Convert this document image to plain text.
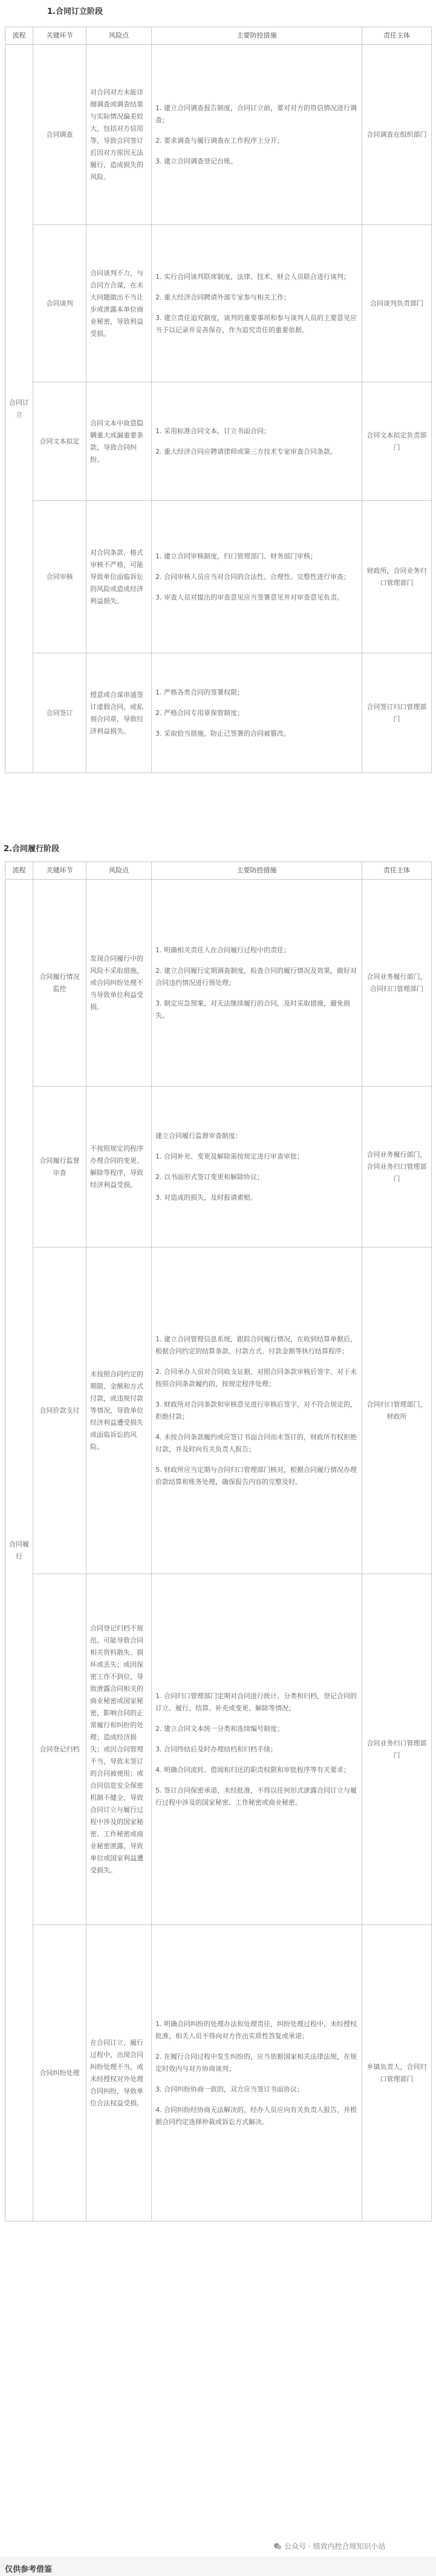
1.合同订立阶段
流程	关键环节	风险点	主要防控措施	责任主体
合同订立	合同调查	对合同对方未能详细调查或调查结果与实际情况偏差较大，包括对方信用等，导致合同签订后因对方原因无法履行，造成损失的风险。	1. 建立合同调查报告制度，合同订立前，要对对方的资信情况进行调查；
2. 要求调查与履行调查在工作程序上分开；
3. 建立合同调查登记台账。	合同调查在组织部门
	合同谈判	合同谈判不力，与合同方合谋，在未大问题做出不当让步或泄露本单位商业秘密，导致利益受损。	1. 实行合同谈判联席制度，法律、技术、财会人员联合进行谈判；
2. 重大经济合同聘请外部专家参与相关工作；
3. 建立责任追究制度，谈判的重要事项和参与谈判人员的主要意见应当予以记录并妥善保存，作为追究责任的重要依据。	合同谈判负责部门
	合同文本拟定	合同文本中故意隐瞒重大或漏重要条款，导致合同纠纷。	1. 采用标准合同文本，订立书面合同；
2. 重大经济合同应聘请律师或第三方技术专家审查合同条款。	合同文本拟定负责部门
	合同审核	对合同条款、格式审核不严格，可能导致单位面临诉讼的风险或造成经济利益损失。	1. 建立合同审核制度，归口管理部门、财务部门审核；
2. 合同审核人员应当对合同的合法性、合理性、完整性进行审查；
3. 审查人员对提出的审查意见应当签署意见并对审查意见负责。	财政所，合同业务归口管理部门
	合同签订	授意或合谋串通签订虚假合同，或私刻合同章，导致经济利益损失。	1. 严格各类合同的签署权限；
2. 严格合同专用章保管制度；
3. 采取恰当措施，防止已签署的合同被篡改。	合同签订归口管理部门
2.合同履行阶段
流程	关键环节	风险点	主要防控措施	责任主体
合同履行	合同履行情况监控	发现合同履行中的风险不采取措施，或合同纠纷处理不当导致单位利益受损。	1. 明确相关责任人在合同履行过程中的责任；
2. 建立合同履行定期调查制度，检查合同的履行情况及效果，做好对合同违约情况进行预处理；
3. 制定应急预案，对无法继续履行的合同，及时采取措施，避免损失。	合同业务履行部门，合同归口管理部门
	合同履行监督审查	不按照规定的程序办理合同的变更、解除等程序，导致经济利益受损。	建立合同履行监督审查制度：
1. 合同补充、变更及解除需按规定进行审查审批；
2. 以书面形式签订变更和解除协议；
3. 对造成的损失，及时报请索赔。	合同业务履行部门，合同业务归口管理部门
	合同价款支付	未按照合同约定的期限、金额和方式付款，或违规付款等情况，导致单位经济利益遭受损失或面临诉讼的风险。	1. 建立合同管理信息系统，跟踪合同履行情况，在收到结算单据后，根据合同约定的结算条款、付款方式、付款金额等执行结算程序；
2. 合同承办人员对合同收支证据、对照合同条款审核后签字，对于未按照合同条款履约的，按规定程序处理；
3. 财政所对合同条款和审核意见进行审核后签字，对不符合规定的，拒绝付款；
4. 未按合同条款履约或应签订书面合同而未签订的，财政所有权拒绝付款，并及时向有关负责人报告；
5. 财政所应当定期与合同归口管理部门核对，根据合同履行情况办理价款结算和账务处理，确保报告内容的完整及时。	合同归口管理部门，财政所
	合同登记归档	合同登记归档不规范，可能导致合同相关资料散失、损坏或丢失；或因保密工作不到位，导致泄露合同相关的商业秘密或国家秘密，影响合同的正常履行和纠纷的处理；造成经济损失；或因合同管理不当，导致未签订的合同被使用；或合同信息安全保密机制不健全，导致合同订立与履行过程中涉及的国家秘密、工作秘密或商业秘密泄露，导致单位或国家利益遭受损失。	1. 合同归口管理部门定期对合同进行统计、分类和归档，登记合同的订立、履行、结算、补充或变更、解除等情况；
2. 建立合同文本统一分类和连续编号制度；
3. 合同终结后及时办理结档和归档手续；
4. 明确合同流转、借阅和归还的职责权限和审批程序等有关要求；
5. 签订合同保密承诺，未经批准，不得以任何形式泄露合同订立与履行过程中涉及的国家秘密、工作秘密或商业秘密。	合同业务归口管理部门
	合同纠纷处理	在合同订立、履行过程中，出现合同纠纷处理不当，或未经授权对外处理合同纠纷，导致单位合法权益受损。	1. 明确合同纠纷的处理办法和处理责任，纠纷处理过程中，未经授权批准，相关人员不得向对方作出实质性答复或承诺；
2. 在履行合同过程中发生纠纷的，应当依据国家相关法律法规，在规定时效内与对方协商谈判；
3. 合同纠纷协商一致的，双方应当签订书面协议；
4. 合同纠纷经协商无法解决的，经办人员应向有关负责人报告，并根据合同约定选择仲裁或诉讼方式解决。	乡镇负责人，合同归口管理部门
公众号 · 绩效内控合规知识小站
仅供参考借鉴
